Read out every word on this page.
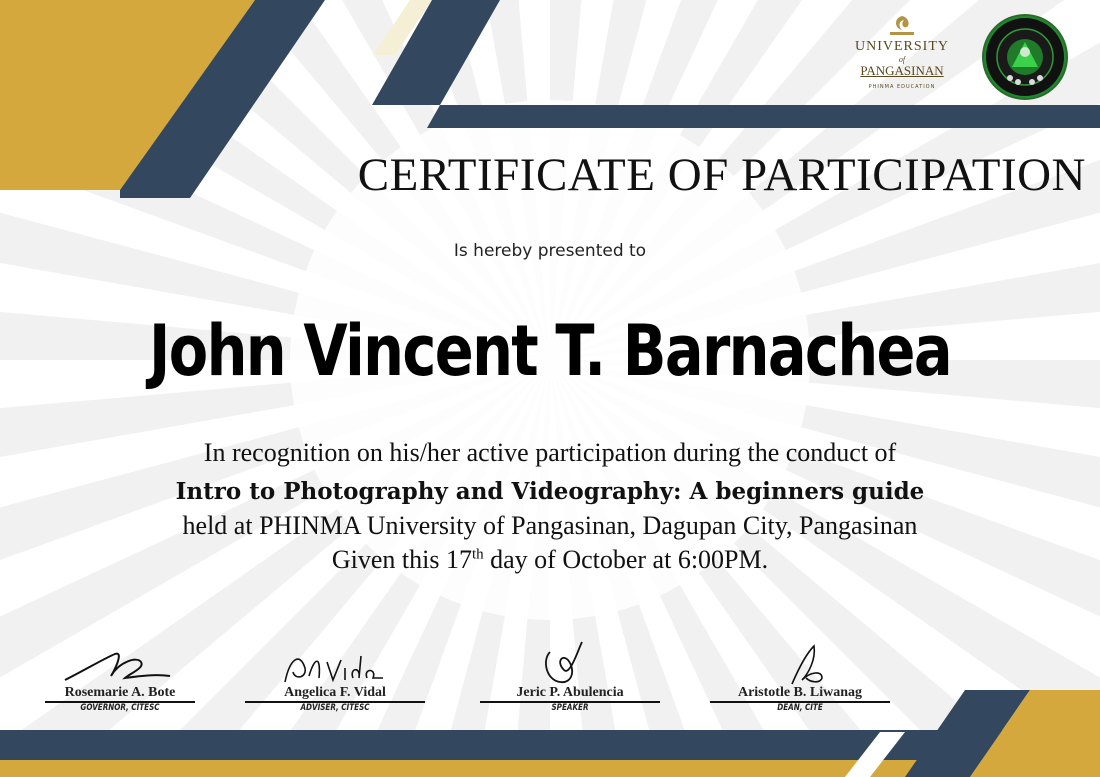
UNIVERSITY
of
PANGASINAN
PHINMA EDUCATION
CERTIFICATE OF PARTICIPATION
Is hereby presented to
John Vincent T. Barnachea
In recognition on his/her active participation during the conduct of
Intro to Photography and Videography: A beginners guide
held at PHINMA University of Pangasinan, Dagupan City, Pangasinan
Given this 17th day of October at 6:00PM.
Rosemarie A. Bote
GOVERNOR, CITESC
Angelica F. Vidal
ADVISER, CITESC
Jeric P. Abulencia
SPEAKER
Aristotle B. Liwanag
DEAN, CITE
